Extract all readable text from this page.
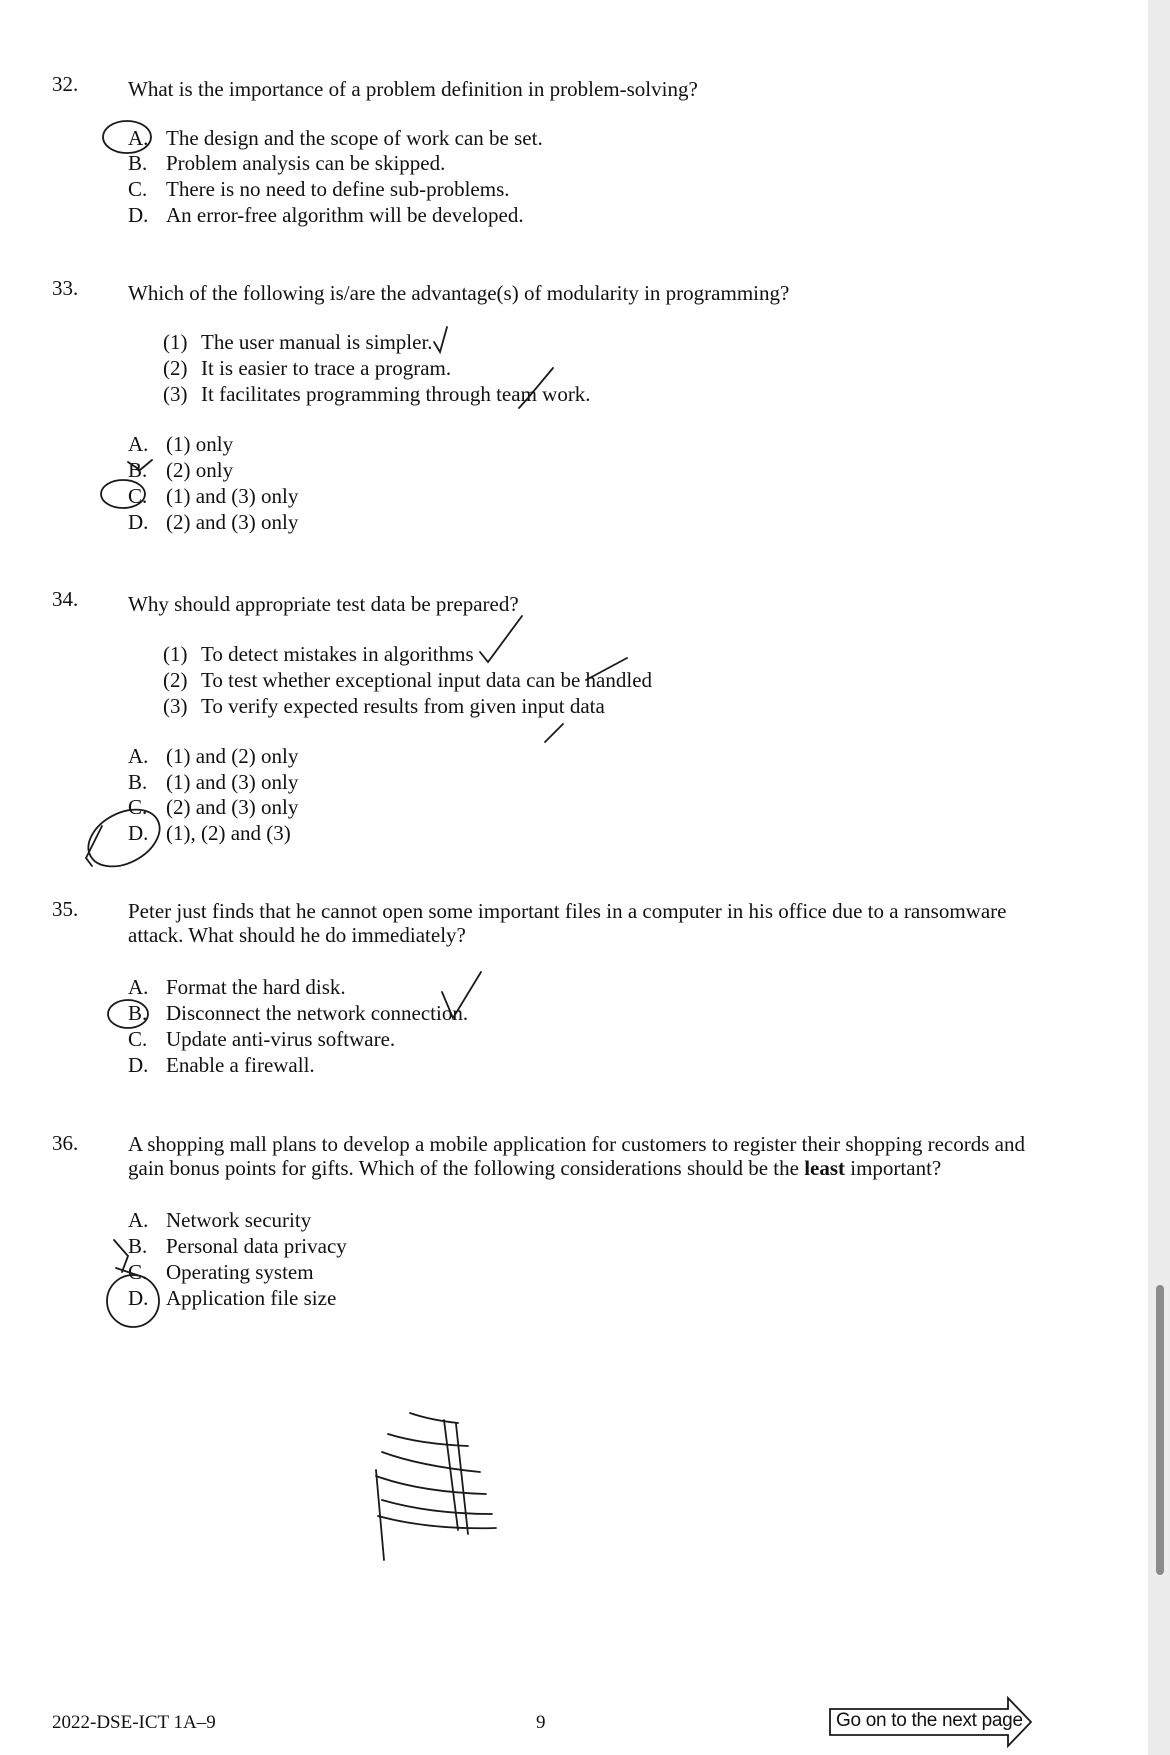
32. What is the importance of a problem definition in problem-solving?
A. The design and the scope of work can be set.
B. Problem analysis can be skipped.
C. There is no need to define sub-problems.
D. An error-free algorithm will be developed.
33. Which of the following is/are the advantage(s) of modularity in programming?
(1) The user manual is simpler.
(2) It is easier to trace a program.
(3) It facilitates programming through team work.
A. (1) only
B. (2) only
C. (1) and (3) only
D. (2) and (3) only
34. Why should appropriate test data be prepared?
(1) To detect mistakes in algorithms
(2) To test whether exceptional input data can be handled
(3) To verify expected results from given input data
A. (1) and (2) only
B. (1) and (3) only
C. (2) and (3) only
D. (1), (2) and (3)
35. Peter just finds that he cannot open some important files in a computer in his office due to a ransomware attack. What should he do immediately?
A. Format the hard disk.
B. Disconnect the network connection.
C. Update anti-virus software.
D. Enable a firewall.
36. A shopping mall plans to develop a mobile application for customers to register their shopping records and gain bonus points for gifts. Which of the following considerations should be the least important?
A. Network security
B. Personal data privacy
C. Operating system
D. Application file size
2022-DSE-ICT 1A–9	9	Go on to the next page
